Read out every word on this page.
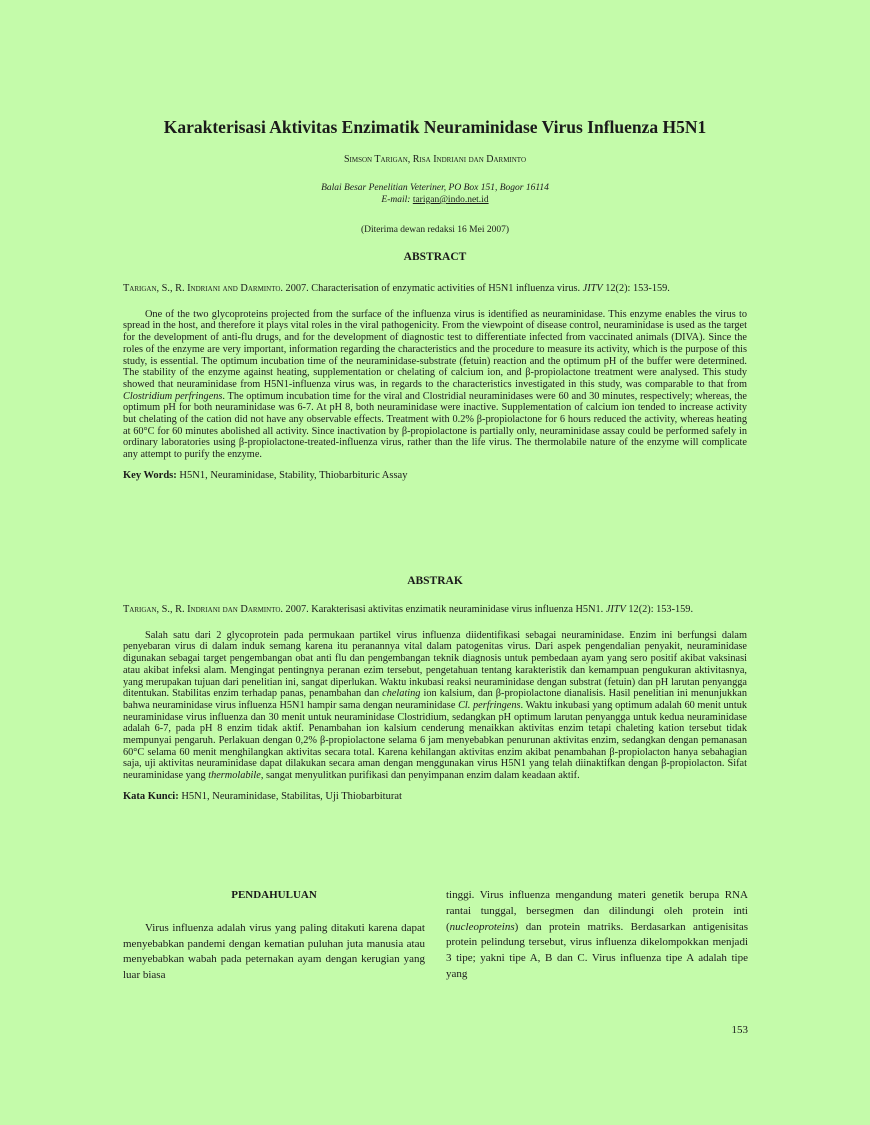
Karakterisasi Aktivitas Enzimatik Neuraminidase Virus Influenza H5N1
Simson Tarigan, Risa Indriani dan Darminto
Balai Besar Penelitian Veteriner, PO Box 151, Bogor 16114
E-mail: tarigan@indo.net.id
(Diterima dewan redaksi 16 Mei 2007)
ABSTRACT

Tarigan, S., R. Indriani and Darminto. 2007. Characterisation of enzymatic activities of H5N1 influenza virus. JITV 12(2): 153-159.

One of the two glycoproteins projected from the surface of the influenza virus is identified as neuraminidase. This enzyme enables the virus to spread in the host, and therefore it plays vital roles in the viral pathogenicity. From the viewpoint of disease control, neuraminidase is used as the target for the development of anti-flu drugs, and for the development of diagnostic test to differentiate infected from vaccinated animals (DIVA). Since the roles of the enzyme are very important, information regarding the characteristics and the procedure to measure its activity, which is the purpose of this study, is essential. The optimum incubation time of the neuraminidase-substrate (fetuin) reaction and the optimum pH of the buffer were determined. The stability of the enzyme against heating, supplementation or chelating of calcium ion, and β-propiolactone treatment were analysed. This study showed that neuraminidase from H5N1-influenza virus was, in regards to the characteristics investigated in this study, was comparable to that from Clostridium perfringens. The optimum incubation time for the viral and Clostridial neuraminidases were 60 and 30 minutes, respectively; whereas, the optimum pH for both neuraminidase was 6-7. At pH 8, both neuraminidase were inactive. Supplementation of calcium ion tended to increase activity but chelating of the cation did not have any observable effects. Treatment with 0.2% β-propiolactone for 6 hours reduced the activity, whereas heating at 60°C for 60 minutes abolished all activity. Since inactivation by β-propiolactone is partially only, neuraminidase assay could be performed safely in ordinary laboratories using β-propiolactone-treated-influenza virus, rather than the life virus. The thermolabile nature of the enzyme will complicate any attempt to purify the enzyme.

Key Words: H5N1, Neuraminidase, Stability, Thiobarbituric Assay

ABSTRAK

Tarigan, S., R. Indriani dan Darminto. 2007. Karakterisasi aktivitas enzimatik neuraminidase virus influenza H5N1. JITV 12(2): 153-159.

Salah satu dari 2 glycoprotein pada permukaan partikel virus influenza diidentifikasi sebagai neuraminidase. Enzim ini berfungsi dalam penyebaran virus di dalam induk semang karena itu peranannya vital dalam patogenitas virus. Dari aspek pengendalian penyakit, neuraminidase digunakan sebagai target pengembangan obat anti flu dan pengembangan teknik diagnosis untuk pembedaan ayam yang sero positif akibat vaksinasi atau akibat infeksi alam. Mengingat pentingnya peranan ezim tersebut, pengetahuan tentang karakteristik dan kemampuan pengukuran aktivitasnya, yang merupakan tujuan dari penelitian ini, sangat diperlukan. Waktu inkubasi reaksi neuraminidase dengan substrat (fetuin) dan pH larutan penyangga ditentukan. Stabilitas enzim terhadap panas, penambahan dan chelating ion kalsium, dan β-propiolactone dianalisis. Hasil penelitian ini menunjukkan bahwa neuraminidase virus influenza H5N1 hampir sama dengan neuraminidase Cl. perfringens. Waktu inkubasi yang optimum adalah 60 menit untuk neuraminidase virus influenza dan 30 menit untuk neuraminidase Clostridium, sedangkan pH optimum larutan penyangga untuk kedua neuraminidase adalah 6-7, pada pH 8 enzim tidak aktif. Penambahan ion kalsium cenderung menaikkan aktivitas enzim tetapi chaleting kation tersebut tidak mempunyai pengaruh. Perlakuan dengan 0,2% β-propiolactone selama 6 jam menyebabkan penurunan aktivitas enzim, sedangkan dengan pemanasan 60°C selama 60 menit menghilangkan aktivitas secara total. Karena kehilangan aktivitas enzim akibat penambahan β-propiolacton hanya sebahagian saja, uji aktivitas neuraminidase dapat dilakukan secara aman dengan menggunakan virus H5N1 yang telah diinaktifkan dengan β-propiolacton. Sifat neuraminidase yang thermolabile, sangat menyulitkan purifikasi dan penyimpanan enzim dalam keadaan aktif.

Kata Kunci: H5N1, Neuraminidase, Stabilitas, Uji Thiobarbiturat

PENDAHULUAN

Virus influenza adalah virus yang paling ditakuti karena dapat menyebabkan pandemi dengan kematian puluhan juta manusia atau menyebabkan wabah pada peternakan ayam dengan kerugian yang luar biasa

tinggi. Virus influenza mengandung materi genetik berupa RNA rantai tunggal, bersegmen dan dilindungi oleh protein inti (nucleoproteins) dan protein matriks. Berdasarkan antigenisitas protein pelindung tersebut, virus influenza dikelompokkan menjadi 3 tipe; yakni tipe A, B dan C. Virus influenza tipe A adalah tipe yang

153
